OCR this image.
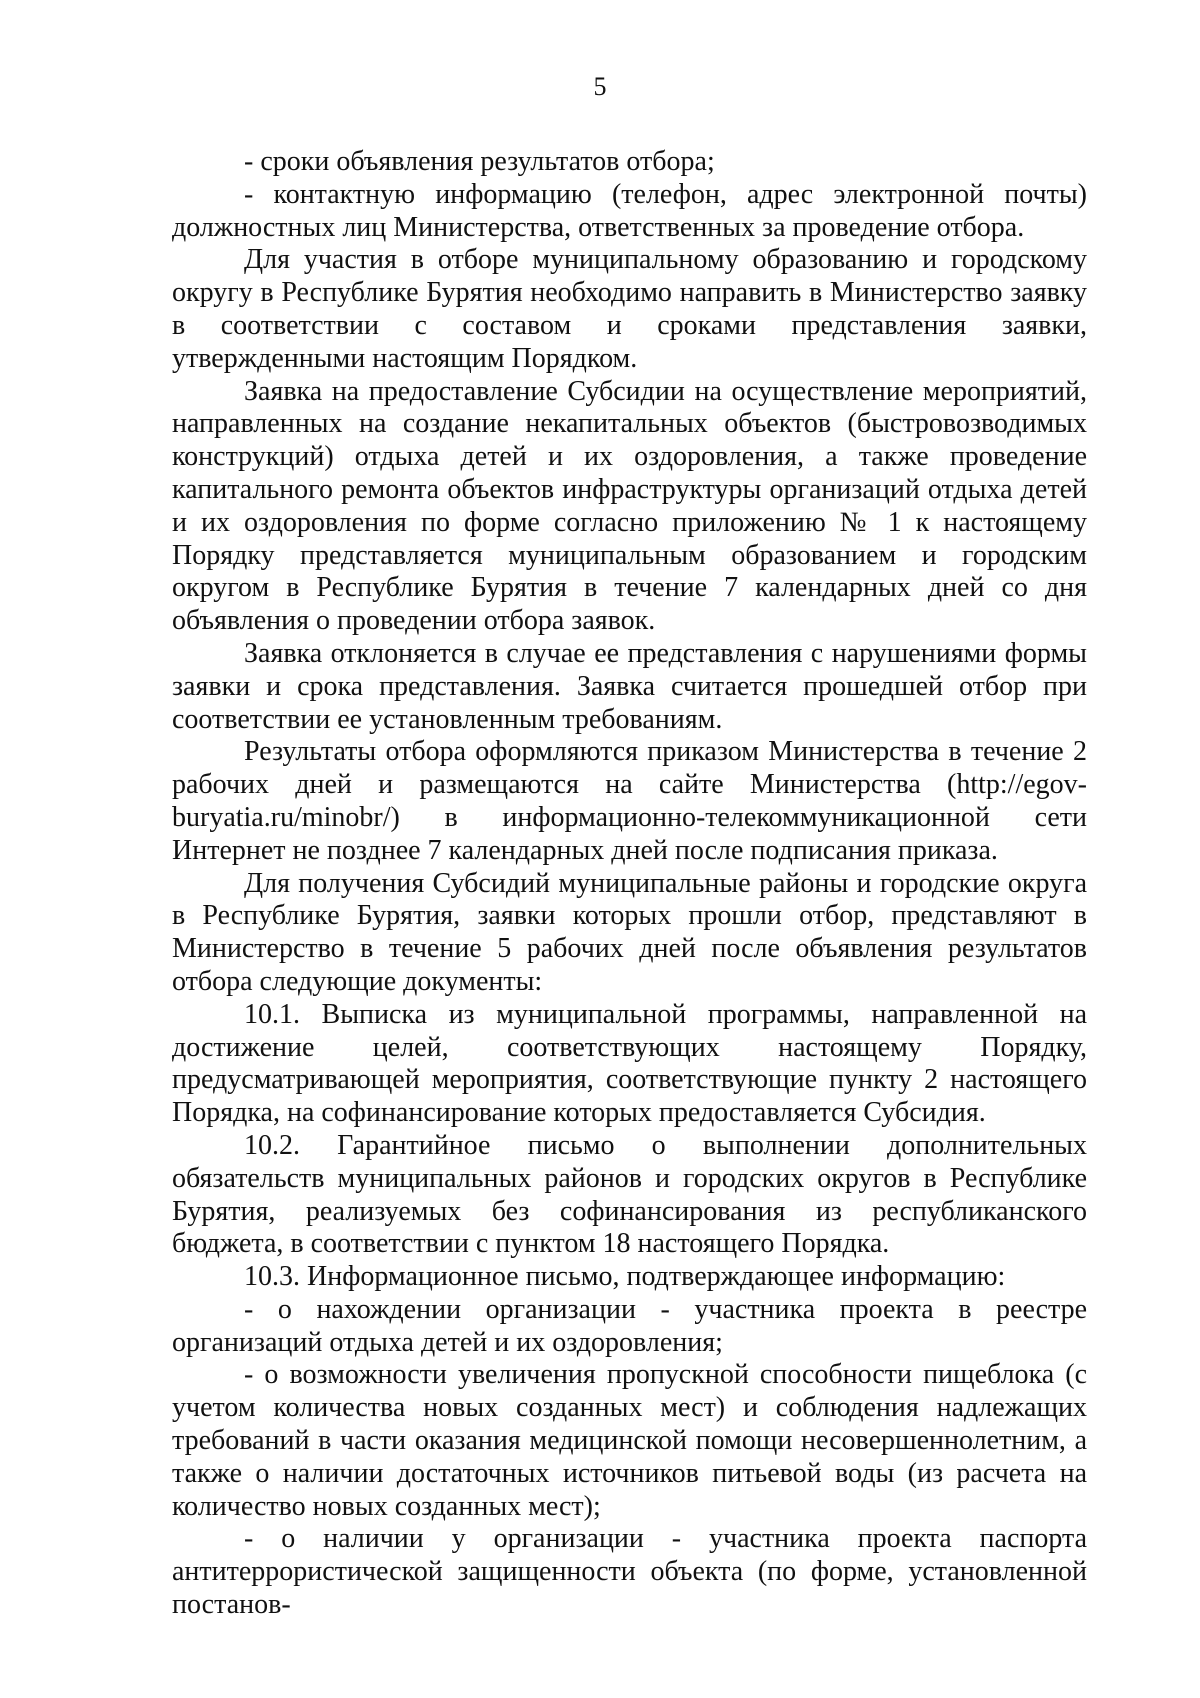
5

- сроки объявления результатов отбора;

- контактную информацию (телефон, адрес электронной почты) должностных лиц Министерства, ответственных за проведение отбора.

Для участия в отборе муниципальному образованию и городскому округу в Республике Бурятия необходимо направить в Министерство заявку в соответствии с составом и сроками представления заявки, утвержденными настоящим Порядком.

Заявка на предоставление Субсидии на осуществление мероприятий, направленных на создание некапитальных объектов (быстровозводимых конструкций) отдыха детей и их оздоровления, а также проведение капитального ремонта объектов инфраструктуры организаций отдыха детей и их оздоровления по форме согласно приложению № 1 к настоящему Порядку представляется муниципальным образованием и городским округом в Республике Бурятия в течение 7 календарных дней со дня объявления о проведении отбора заявок.

Заявка отклоняется в случае ее представления с нарушениями формы заявки и срока представления. Заявка считается прошедшей отбор при соответствии ее установленным требованиям.

Результаты отбора оформляются приказом Министерства в течение 2 рабочих дней и размещаются на сайте Министерства (http://egov-buryatia.ru/minobr/) в информационно-телекоммуникационной сети Интернет не позднее 7 календарных дней после подписания приказа.

Для получения Субсидий муниципальные районы и городские округа в Республике Бурятия, заявки которых прошли отбор, представляют в Министерство в течение 5 рабочих дней после объявления результатов отбора следующие документы:

10.1. Выписка из муниципальной программы, направленной на достижение целей, соответствующих настоящему Порядку, предусматривающей мероприятия, соответствующие пункту 2 настоящего Порядка, на софинансирование которых предоставляется Субсидия.

10.2. Гарантийное письмо о выполнении дополнительных обязательств муниципальных районов и городских округов в Республике Бурятия, реализуемых без софинансирования из республиканского бюджета, в соответствии с пунктом 18 настоящего Порядка.

10.3. Информационное письмо, подтверждающее информацию:

- о нахождении организации - участника проекта в реестре организаций отдыха детей и их оздоровления;

- о возможности увеличения пропускной способности пищеблока (с учетом количества новых созданных мест) и соблюдения надлежащих требований в части оказания медицинской помощи несовершеннолетним, а также о наличии достаточных источников питьевой воды (из расчета на количество новых созданных мест);

- о наличии у организации - участника проекта паспорта антитеррористической защищенности объекта (по форме, установленной постанов-
